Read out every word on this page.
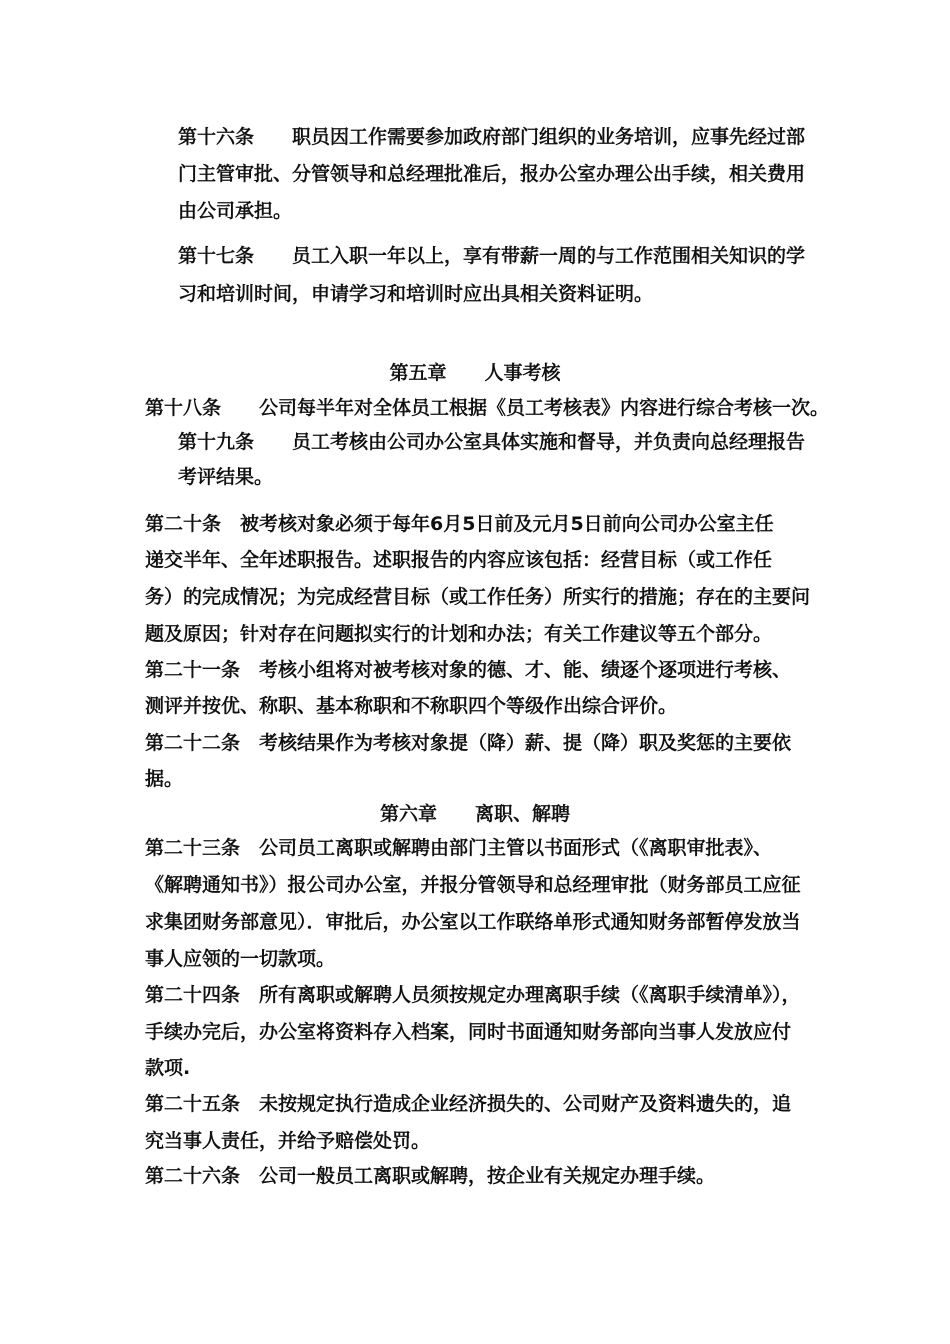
第十六条　　职员因工作需要参加政府部门组织的业务培训，应事先经过部
门主管审批、分管领导和总经理批准后，报办公室办理公出手续，相关费用
由公司承担。
第十七条　　员工入职一年以上，享有带薪一周的与工作范围相关知识的学
习和培训时间，申请学习和培训时应出具相关资料证明。
第五章　　人事考核
第十八条　　公司每半年对全体员工根据《员工考核表》内容进行综合考核一次。
第十九条　　员工考核由公司办公室具体实施和督导，并负责向总经理报告
考评结果。
第二十条　被考核对象必须于每年6月5日前及元月5日前向公司办公室主任
递交半年、全年述职报告。述职报告的内容应该包括：经营目标（或工作任
务）的完成情况；为完成经营目标（或工作任务）所实行的措施；存在的主要问
题及原因；针对存在问题拟实行的计划和办法；有关工作建议等五个部分。
第二十一条　考核小组将对被考核对象的德、才、能、绩逐个逐项进行考核、
测评并按优、称职、基本称职和不称职四个等级作出综合评价。
第二十二条　考核结果作为考核对象提（降）薪、提（降）职及奖惩的主要依
据。
第六章　　离职、解聘
第二十三条　公司员工离职或解聘由部门主管以书面形式（《离职审批表》、
《解聘通知书》）报公司办公室，并报分管领导和总经理审批（财务部员工应征
求集团财务部意见）．审批后，办公室以工作联络单形式通知财务部暂停发放当
事人应领的一切款项。
第二十四条　所有离职或解聘人员须按规定办理离职手续（《离职手续清单》），
手续办完后，办公室将资料存入档案，同时书面通知财务部向当事人发放应付
款项.
第二十五条　未按规定执行造成企业经济损失的、公司财产及资料遗失的，追
究当事人责任，并给予赔偿处罚。
第二十六条　公司一般员工离职或解聘，按企业有关规定办理手续。
